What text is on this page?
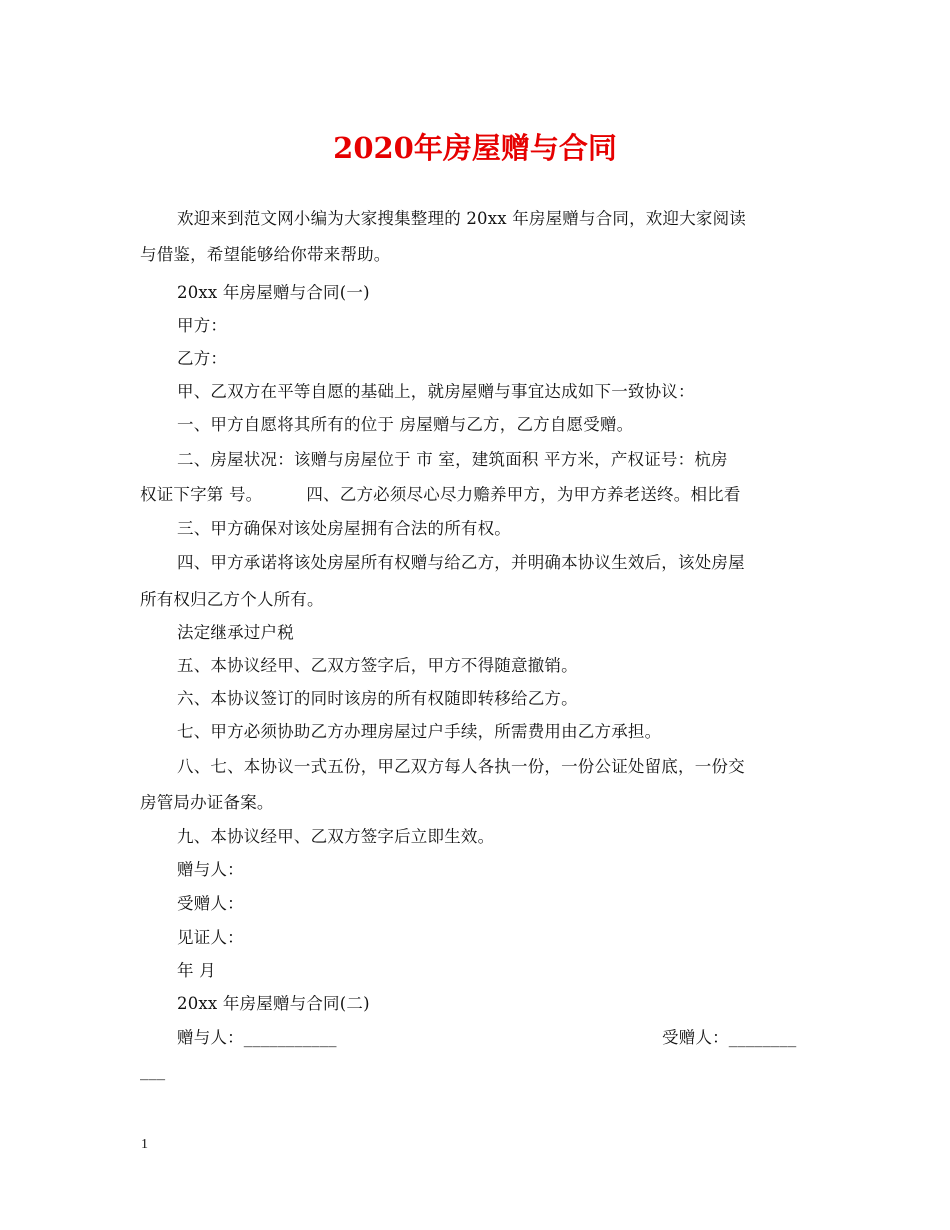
2020年房屋赠与合同
欢迎来到范文网小编为大家搜集整理的 20xx 年房屋赠与合同，欢迎大家阅读
与借鉴，希望能够给你带来帮助。
20xx 年房屋赠与合同(一)
甲方：
乙方：
甲、乙双方在平等自愿的基础上，就房屋赠与事宜达成如下一致协议：
一、甲方自愿将其所有的位于 房屋赠与乙方，乙方自愿受赠。
二、房屋状况：该赠与房屋位于 市 室，建筑面积 平方米，产权证号：杭房
权证下字第 号。	四、乙方必须尽心尽力赡养甲方，为甲方养老送终。相比看
三、甲方确保对该处房屋拥有合法的所有权。
四、甲方承诺将该处房屋所有权赠与给乙方，并明确本协议生效后，该处房屋
所有权归乙方个人所有。
法定继承过户税
五、本协议经甲、乙双方签字后，甲方不得随意撤销。
六、本协议签订的同时该房的所有权随即转移给乙方。
七、甲方必须协助乙方办理房屋过户手续，所需费用由乙方承担。
八、七、本协议一式五份，甲乙双方每人各执一份，一份公证处留底，一份交
房管局办证备案。
九、本协议经甲、乙双方签字后立即生效。
赠与人：
受赠人：
见证人：
年 月
20xx 年房屋赠与合同(二)
赠与人：___________	受赠人：________
___
1
